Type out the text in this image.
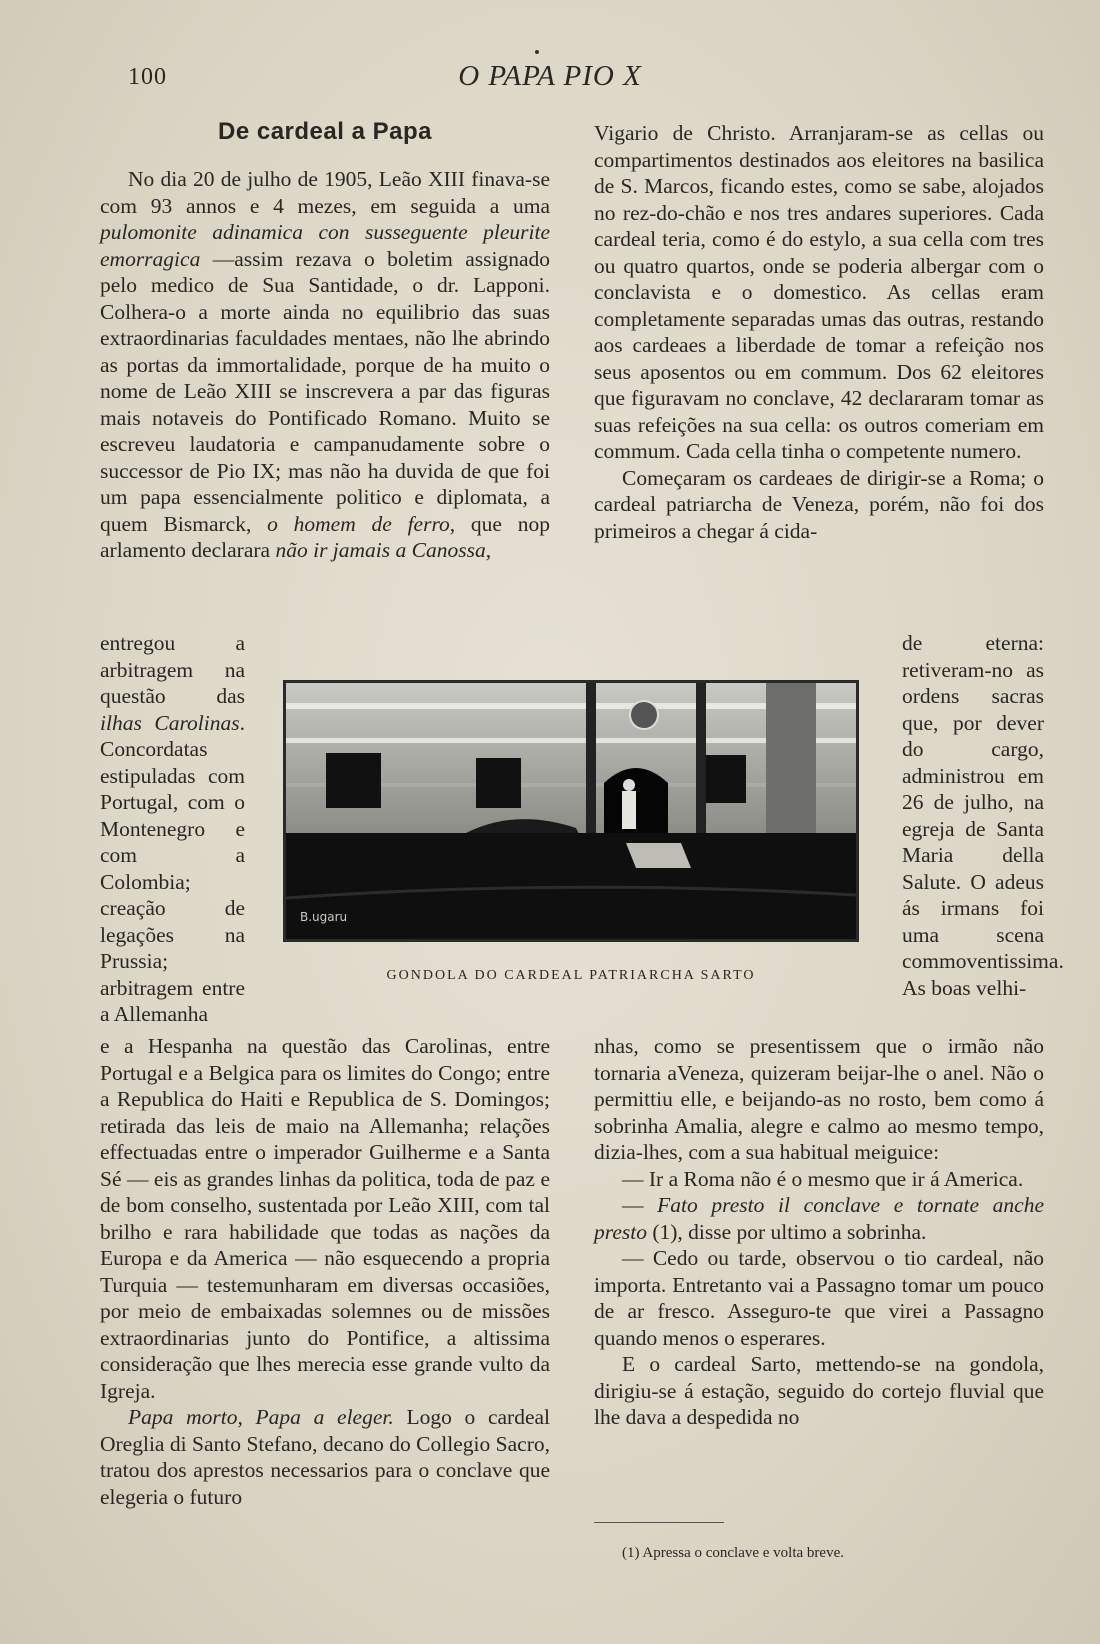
100	O PAPA PIO X
De cardeal a Papa

No dia 20 de julho de 1905, Leão XIII finava-se com 93 annos e 4 mezes, em seguida a uma pulomonite adinamica con susseguente pleurite emorragica —assim rezava o boletim assignado pelo medico de Sua Santidade, o dr. Lapponi. Colhera-o a morte ainda no equilibrio das suas extraordinarias faculdades mentaes, não lhe abrindo as portas da immortalidade, porque de ha muito o nome de Leão XIII se inscrevera a par das figuras mais notaveis do Pontificado Romano. Muito se escreveu laudatoria e campanudamente sobre o successor de Pio IX; mas não ha duvida de que foi um papa essencialmente politico e diplomata, a quem Bismarck, o homem de ferro, que nop arlamento declarara não ir jamais a Canossa,

entregou a arbitragem na questão das ilhas Carolinas. Concordatas estipuladas com Portugal, com o Montenegro e com a Colombia; creação de legações na Prussia; arbitragem entre a Allemanha

Vigario de Christo. Arranjaram-se as cellas ou compartimentos destinados aos eleitores na basilica de S. Marcos, ficando estes, como se sabe, alojados no rez-do-chão e nos tres andares superiores. Cada cardeal teria, como é do estylo, a sua cella com tres ou quatro quartos, onde se poderia albergar com o conclavista e o domestico. As cellas eram completamente separadas umas das outras, restando aos cardeaes a liberdade de tomar a refeição nos seus aposentos ou em commum. Dos 62 eleitores que figuravam no conclave, 42 declararam tomar as suas refeições na sua cella: os outros comeriam em commum. Cada cella tinha o competente numero.

Começaram os cardeaes de dirigir-se a Roma; o cardeal patriarcha de Veneza, porém, não foi dos primeiros a chegar á cida-

de eterna: retiveram-no as ordens sacras que, por dever do cargo, administrou em 26 de julho, na egreja de Santa Maria della Salute. O adeus ás irmans foi uma scena commoventissima. As boas velhi-
B.ugaru
GONDOLA DO CARDEAL PATRIARCHA SARTO

e a Hespanha na questão das Carolinas, entre Portugal e a Belgica para os limites do Congo; entre a Republica do Haiti e Republica de S. Domingos; retirada das leis de maio na Allemanha; relações effectuadas entre o imperador Guilherme e a Santa Sé — eis as grandes linhas da politica, toda de paz e de bom conselho, sustentada por Leão XIII, com tal brilho e rara habilidade que todas as nações da Europa e da America — não esquecendo a propria Turquia — testemunharam em diversas occasiões, por meio de embaixadas solemnes ou de missões extraordinarias junto do Pontifice, a altissima consideração que lhes merecia esse grande vulto da Igreja.

Papa morto, Papa a eleger. Logo o cardeal Oreglia di Santo Stefano, decano do Collegio Sacro, tratou dos aprestos necessarios para o conclave que elegeria o futuro

nhas, como se presentissem que o irmão não tornaria aVeneza, quizeram beijar-lhe o anel. Não o permittiu elle, e beijando-as no rosto, bem como á sobrinha Amalia, alegre e calmo ao mesmo tempo, dizia-lhes, com a sua habitual meiguice:

— Ir a Roma não é o mesmo que ir á America.

— Fato presto il conclave e tornate anche presto (1), disse por ultimo a sobrinha.

— Cedo ou tarde, observou o tio cardeal, não importa. Entretanto vai a Passagno tomar um pouco de ar fresco. Asseguro-te que virei a Passagno quando menos o esperares.

E o cardeal Sarto, mettendo-se na gondola, dirigiu-se á estação, seguido do cortejo fluvial que lhe dava a despedida no

(1) Apressa o conclave e volta breve.
